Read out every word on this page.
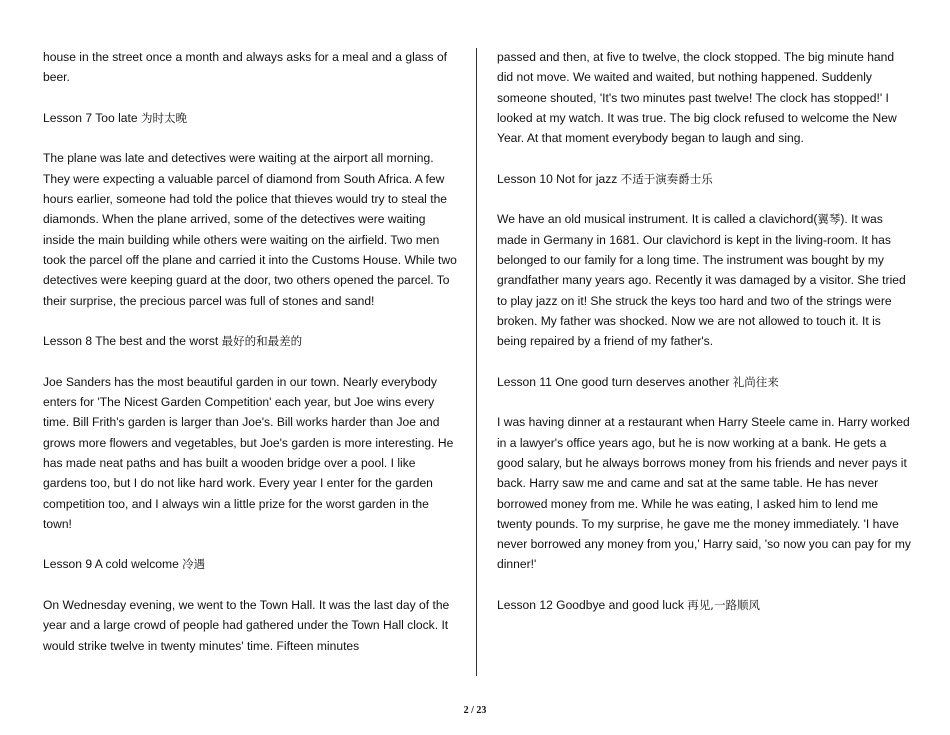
house in the street once a month and always asks for a meal and a glass of beer.

Lesson 7 Too late 为时太晚

The plane was late and detectives were waiting at the airport all morning. They were expecting a valuable parcel of diamond from South Africa. A few hours earlier, someone had told the police that thieves would try to steal the diamonds. When the plane arrived, some of the detectives were waiting inside the main building while others were waiting on the airfield. Two men took the parcel off the plane and carried it into the Customs House. While two detectives were keeping guard at the door, two others opened the parcel. To their surprise, the precious parcel was full of stones and sand!

Lesson 8 The best and the worst 最好的和最差的

Joe Sanders has the most beautiful garden in our town. Nearly everybody enters for 'The Nicest Garden Competition' each year, but Joe wins every time. Bill Frith's garden is larger than Joe's. Bill works harder than Joe and grows more flowers and vegetables, but Joe's garden is more interesting. He has made neat paths and has built a wooden bridge over a pool. I like gardens too, but I do not like hard work. Every year I enter for the garden competition too, and I always win a little prize for the worst garden in the town!

Lesson 9 A cold welcome 冷遇

On Wednesday evening, we went to the Town Hall. It was the last day of the year and a large crowd of people had gathered under the Town Hall clock. It would strike twelve in twenty minutes' time. Fifteen minutes

passed and then, at five to twelve, the clock stopped. The big minute hand did not move. We waited and waited, but nothing happened. Suddenly someone shouted, 'It's two minutes past twelve! The clock has stopped!' I looked at my watch. It was true. The big clock refused to welcome the New Year. At that moment everybody began to laugh and sing.

Lesson 10 Not for jazz 不适于演奏爵士乐

We have an old musical instrument. It is called a clavichord(翼琴). It was made in Germany in 1681. Our clavichord is kept in the living-room. It has belonged to our family for a long time. The instrument was bought by my grandfather many years ago. Recently it was damaged by a visitor. She tried to play jazz on it! She struck the keys too hard and two of the strings were broken. My father was shocked. Now we are not allowed to touch it. It is being repaired by a friend of my father's.

Lesson 11 One good turn deserves another 礼尚往来

I was having dinner at a restaurant when Harry Steele came in. Harry worked in a lawyer's office years ago, but he is now working at a bank. He gets a good salary, but he always borrows money from his friends and never pays it back. Harry saw me and came and sat at the same table. He has never borrowed money from me. While he was eating, I asked him to lend me twenty pounds. To my surprise, he gave me the money immediately. 'I have never borrowed any money from you,' Harry said, 'so now you can pay for my dinner!'

Lesson 12 Goodbye and good luck 再见,一路顺风

2 / 23
